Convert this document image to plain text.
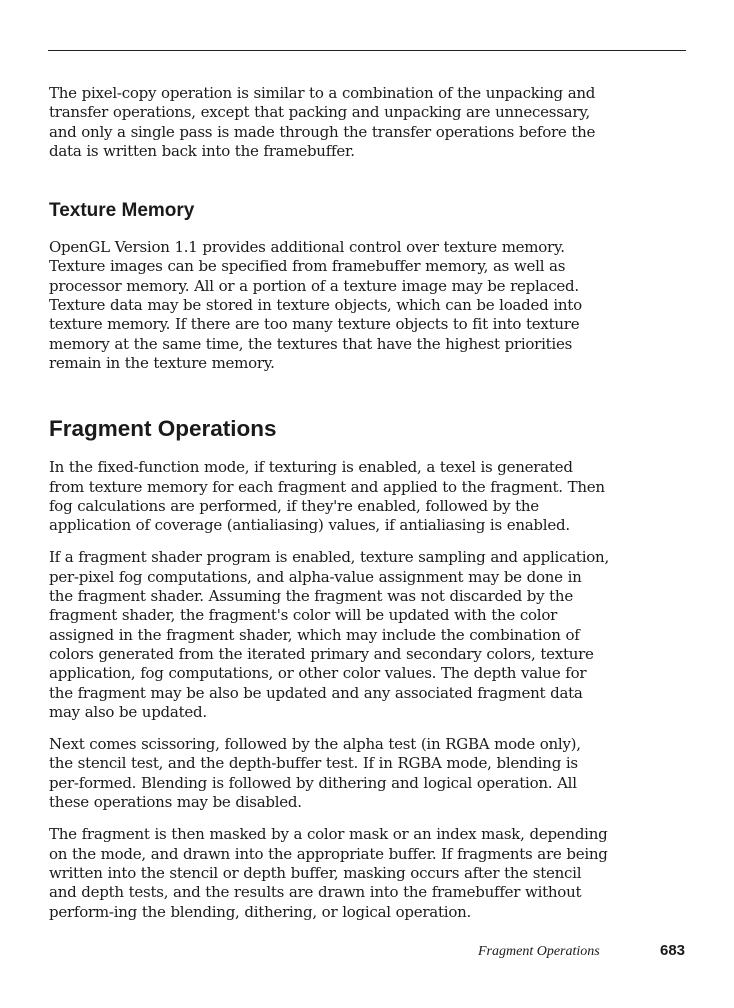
The pixel-copy operation is similar to a combination of the unpacking and transfer operations, except that packing and unpacking are unnecessary, and only a single pass is made through the transfer operations before the data is written back into the framebuffer.

Texture Memory

OpenGL Version 1.1 provides additional control over texture memory. Texture images can be specified from framebuffer memory, as well as processor memory. All or a portion of a texture image may be replaced. Texture data may be stored in texture objects, which can be loaded into texture memory. If there are too many texture objects to fit into texture memory at the same time, the textures that have the highest priorities remain in the texture memory.

Fragment Operations

In the fixed-function mode, if texturing is enabled, a texel is generated from texture memory for each fragment and applied to the fragment. Then fog calculations are performed, if they're enabled, followed by the application of coverage (antialiasing) values, if antialiasing is enabled.

If a fragment shader program is enabled, texture sampling and application, per-pixel fog computations, and alpha-value assignment may be done in the fragment shader. Assuming the fragment was not discarded by the fragment shader, the fragment's color will be updated with the color assigned in the fragment shader, which may include the combination of colors generated from the iterated primary and secondary colors, texture application, fog computations, or other color values. The depth value for the fragment may be also be updated and any associated fragment data may also be updated.

Next comes scissoring, followed by the alpha test (in RGBA mode only), the stencil test, and the depth-buffer test. If in RGBA mode, blending is per-formed. Blending is followed by dithering and logical operation. All these operations may be disabled.

The fragment is then masked by a color mask or an index mask, depending on the mode, and drawn into the appropriate buffer. If fragments are being written into the stencil or depth buffer, masking occurs after the stencil and depth tests, and the results are drawn into the framebuffer without perform-ing the blending, dithering, or logical operation.

Fragment Operations	683
